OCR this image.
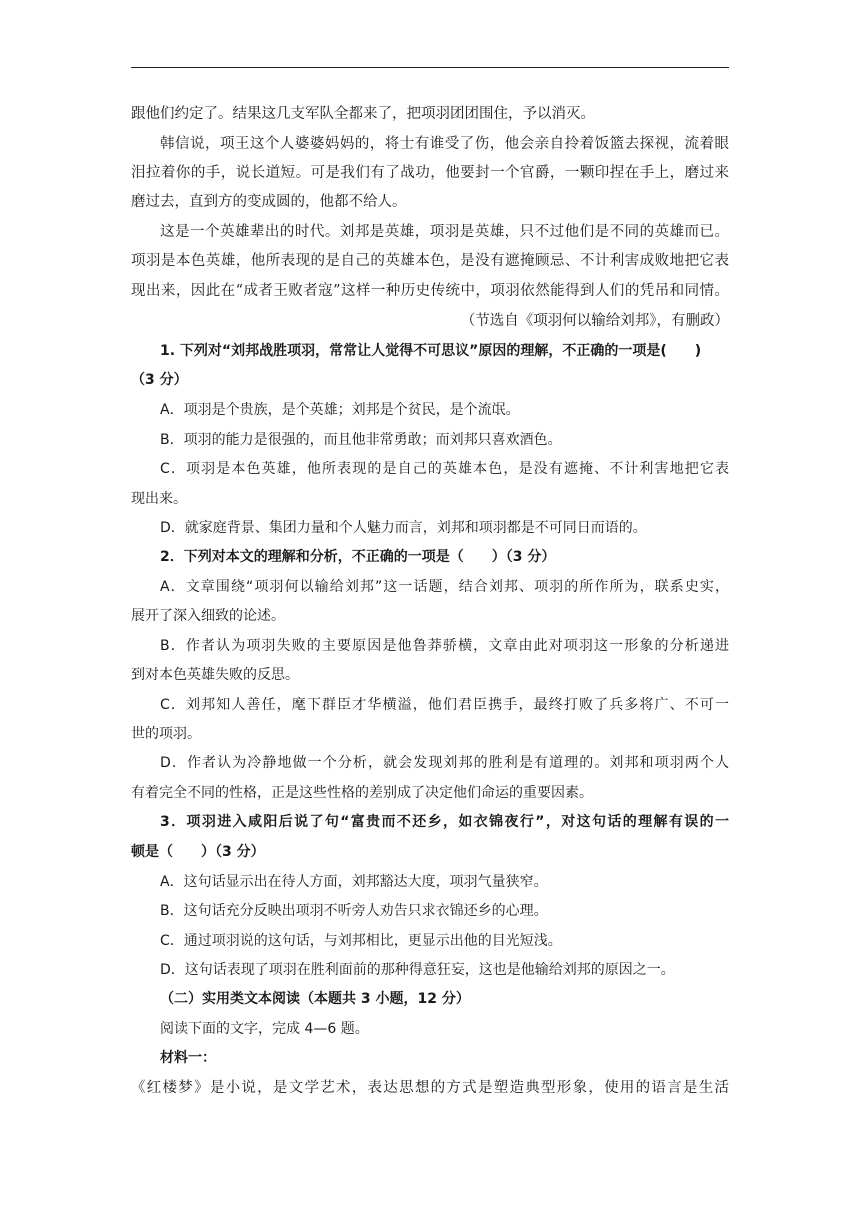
跟他们约定了。结果这几支军队全都来了，把项羽团团围住，予以消灭。
韩信说，项王这个人婆婆妈妈的，将士有谁受了伤，他会亲自拎着饭篮去探视，流着眼
泪拉着你的手，说长道短。可是我们有了战功，他要封一个官爵，一颗印捏在手上，磨过来
磨过去，直到方的变成圆的，他都不给人。
这是一个英雄辈出的时代。刘邦是英雄，项羽是英雄，只不过他们是不同的英雄而已。
项羽是本色英雄，他所表现的是自己的英雄本色，是没有遮掩顾忌、不计利害成败地把它表
现出来，因此在“成者王败者寇”这样一种历史传统中，项羽依然能得到人们的凭吊和同情。
（节选自《项羽何以输给刘邦》，有删政）
1. 下列对“刘邦战胜项羽，常常让人觉得不可思议”原因的理解，不正确的一项是(　　)
（3 分）
A．项羽是个贵族，是个英雄；刘邦是个贫民，是个流氓。
B．项羽的能力是很强的，而且他非常勇敢；而刘邦只喜欢酒色。
C．项羽是本色英雄，他所表现的是自己的英雄本色，是没有遮掩、不计利害地把它表
现出来。
D．就家庭背景、集团力量和个人魅力而言，刘邦和项羽都是不可同日而语的。
2．下列对本文的理解和分析，不正确的一项是（　　）（3 分）
A．文章围绕“项羽何以输给刘邦”这一话题，结合刘邦、项羽的所作所为，联系史实，
展开了深入细致的论述。
B．作者认为项羽失败的主要原因是他鲁莽骄横，文章由此对项羽这一形象的分析递进
到对本色英雄失败的反思。
C．刘邦知人善任，麾下群臣才华横溢，他们君臣携手，最终打败了兵多将广、不可一
世的项羽。
D．作者认为冷静地做一个分析，就会发现刘邦的胜利是有道理的。刘邦和项羽两个人
有着完全不同的性格，正是这些性格的差别成了决定他们命运的重要因素。
3．项羽进入咸阳后说了句“富贵而不还乡，如衣锦夜行”，对这句话的理解有误的一
顿是（　　）（3 分）
A．这句话显示出在待人方面，刘邦豁达大度，项羽气量狭窄。
B．这句话充分反映出项羽不听旁人劝告只求衣锦还乡的心理。
C．通过项羽说的这句话，与刘邦相比，更显示出他的目光短浅。
D．这句话表现了项羽在胜利面前的那种得意狂妄，这也是他输给刘邦的原因之一。
（二）实用类文本阅读（本题共 3 小题，12 分）
阅读下面的文字，完成 4—6 题。
材料一：
《红楼梦》是小说，是文学艺术，表达思想的方式是塑造典型形象，使用的语言是生活
